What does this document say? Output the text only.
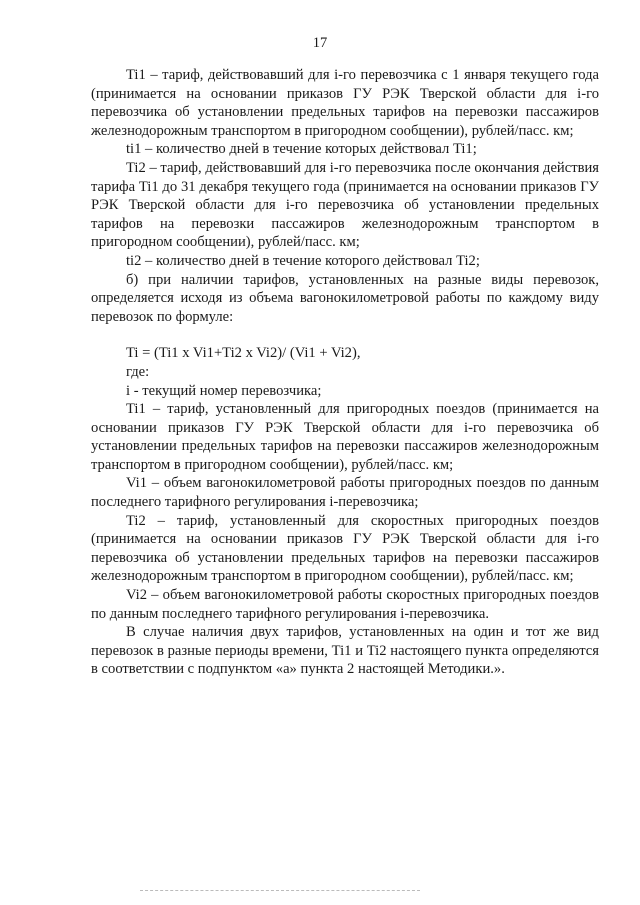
17

Ti1 – тариф, действовавший для i-го перевозчика с 1 января текущего года (принимается на основании приказов ГУ РЭК Тверской области для i-го перевозчика об установлении предельных тарифов на перевозки пассажиров железнодорожным транспортом в пригородном сообщении), рублей/пасс. км;

ti1 – количество дней в течение которых действовал Ti1;

Ti2 – тариф, действовавший для i-го перевозчика после окончания действия тарифа Ti1 до 31 декабря текущего года (принимается на основании приказов ГУ РЭК Тверской области для i-го перевозчика об установлении предельных тарифов на перевозки пассажиров железнодорожным транспортом в пригородном сообщении), рублей/пасс. км;

ti2 – количество дней в течение которого действовал Ti2;

б) при наличии тарифов, установленных на разные виды перевозок, определяется исходя из объема вагонокилометровой работы по каждому виду перевозок по формуле:

Ti = (Ti1 x Vi1+Ti2 x Vi2)/ (Vi1 + Vi2),

где:

i - текущий номер перевозчика;

Ti1 – тариф, установленный для пригородных поездов (принимается на основании приказов ГУ РЭК Тверской области для i-го перевозчика об установлении предельных тарифов на перевозки пассажиров железнодорожным транспортом в пригородном сообщении), рублей/пасс. км;

Vi1 – объем вагонокилометровой работы пригородных поездов по данным последнего тарифного регулирования i-перевозчика;

Ti2 – тариф, установленный для скоростных пригородных поездов (принимается на основании приказов ГУ РЭК Тверской области для i-го перевозчика об установлении предельных тарифов на перевозки пассажиров железнодорожным транспортом в пригородном сообщении), рублей/пасс. км;

Vi2 – объем вагонокилометровой работы скоростных пригородных поездов по данным последнего тарифного регулирования i-перевозчика.

В случае наличия двух тарифов, установленных на один и тот же вид перевозок в разные периоды времени, Ti1 и Ti2 настоящего пункта определяются в соответствии с подпунктом «а» пункта 2 настоящей Методики.».
